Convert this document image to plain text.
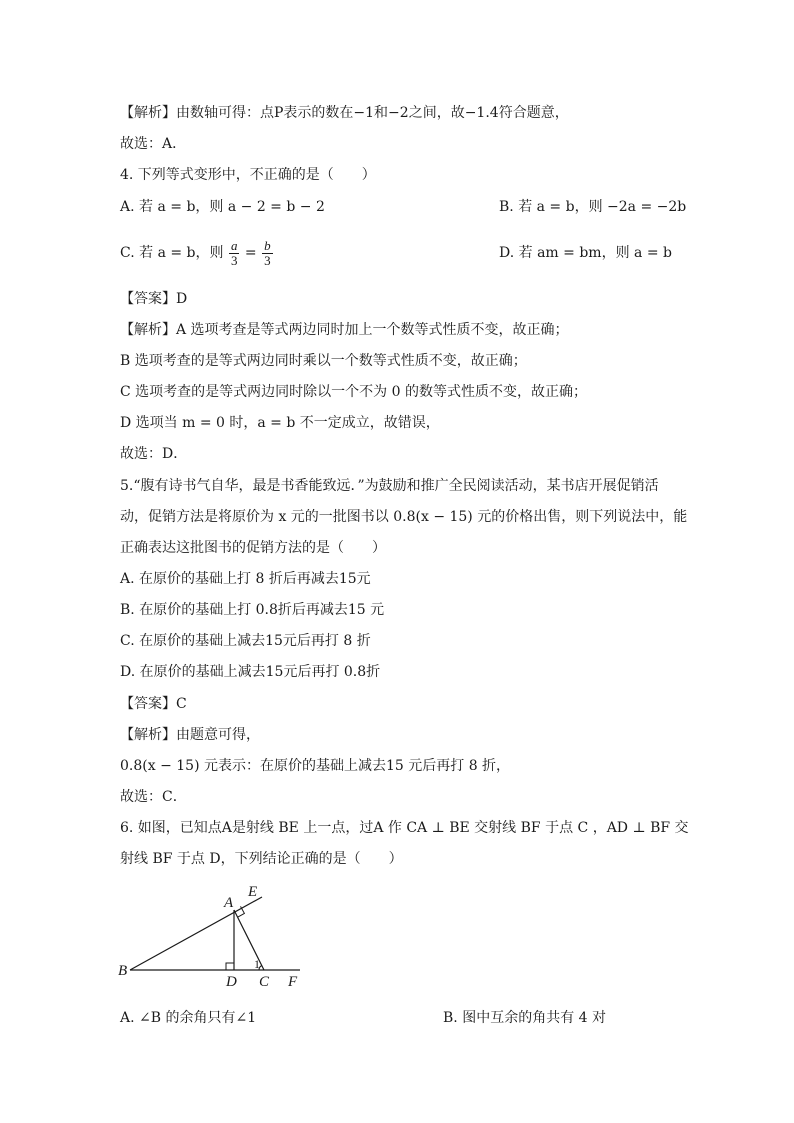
【解析】由数轴可得：点P表示的数在−1和−2之间，故−1.4符合题意，
故选：A．
4. 下列等式变形中，不正确的是（　　）
A. 若 a = b，则 a − 2 = b − 2	B. 若 a = b，则 −2a = −2b
C. 若 a = b，则 $\frac{a}{3} = \frac{b}{3}$	D. 若 am = bm，则 a = b
【答案】D
【解析】A 选项考查是等式两边同时加上一个数等式性质不变，故正确；
B 选项考查的是等式两边同时乘以一个数等式性质不变，故正确；
C 选项考查的是等式两边同时除以一个不为 0 的数等式性质不变，故正确；
D 选项当 m = 0 时，a = b 不一定成立，故错误，
故选：D．
5.“腹有诗书气自华，最是书香能致远．”为鼓励和推广全民阅读活动，某书店开展促销活
动，促销方法是将原价为 x 元的一批图书以 0.8(x − 15) 元的价格出售，则下列说法中，能
正确表达这批图书的促销方法的是（　　）
A. 在原价的基础上打 8 折后再减去15元
B. 在原价的基础上打 0.8折后再减去15 元
C. 在原价的基础上减去15元后再打 8 折
D. 在原价的基础上减去15元后再打 0.8折
【答案】C
【解析】由题意可得，
0.8(x − 15) 元表示：在原价的基础上减去15 元后再打 8 折，
故选：C．
6. 如图，已知点A是射线 BE 上一点，过A 作 CA ⊥ BE 交射线 BF 于点 C ，AD ⊥ BF 交
射线 BF 于点 D，下列结论正确的是（　　）
B
A
E
D C F
1
A. ∠B 的余角只有∠1	B. 图中互余的角共有 4 对
